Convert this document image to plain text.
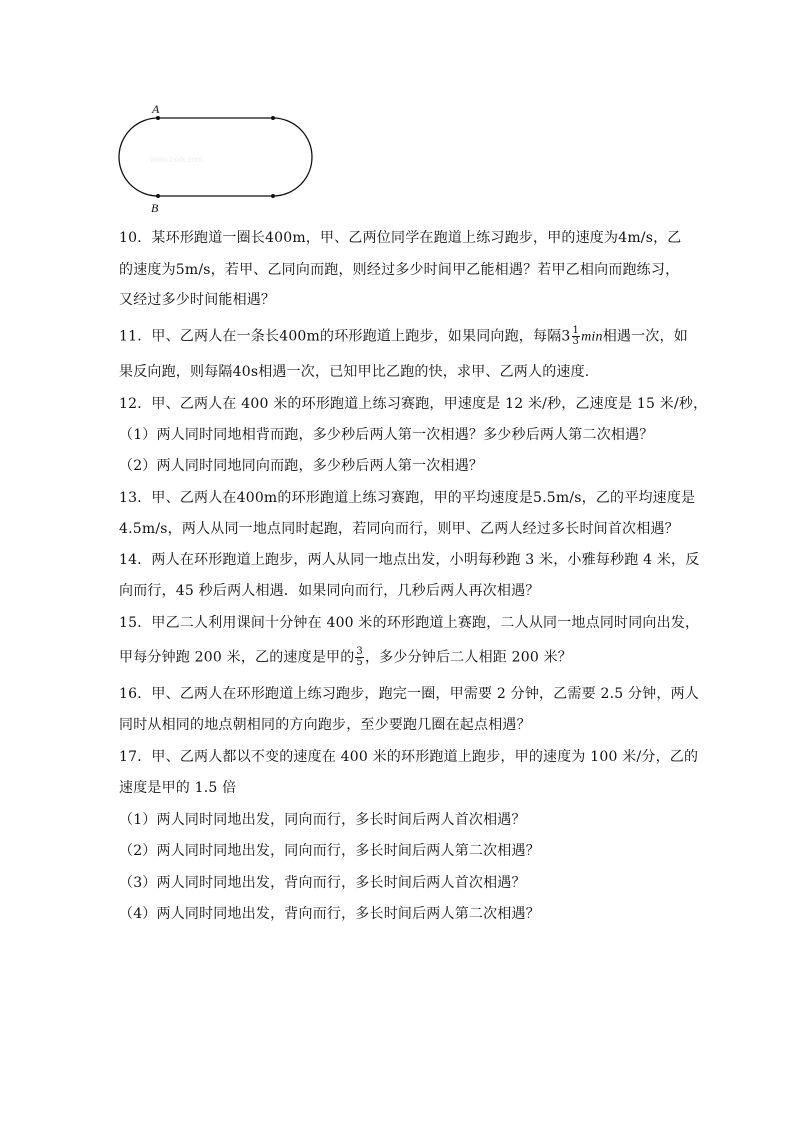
A
B
www.zxxk.com
10．某环形跑道一圈长400m，甲、乙两位同学在跑道上练习跑步，甲的速度为4m/s，乙
的速度为5m/s，若甲、乙同向而跑，则经过多少时间甲乙能相遇？若甲乙相向而跑练习，
又经过多少时间能相遇？
11．甲、乙两人在一条长400m的环形跑道上跑步，如果同向跑，每隔$3 \frac{1}{3}$ min相遇一次，如
果反向跑，则每隔40s相遇一次，已知甲比乙跑的快，求甲、乙两人的速度.
12．甲、乙两人在 400 米的环形跑道上练习赛跑，甲速度是 12 米/秒，乙速度是 15 米/秒，
（1）两人同时同地相背而跑，多少秒后两人第一次相遇？多少秒后两人第二次相遇？
（2）两人同时同地同向而跑，多少秒后两人第一次相遇？
13．甲、乙两人在400m的环形跑道上练习赛跑，甲的平均速度是5.5m/s，乙的平均速度是
4.5m/s，两人从同一地点同时起跑，若同向而行，则甲、乙两人经过多长时间首次相遇？
14．两人在环形跑道上跑步，两人从同一地点出发，小明每秒跑 3 米，小雅每秒跑 4 米，反
向而行，45 秒后两人相遇．如果同向而行，几秒后两人再次相遇？
15．甲乙二人利用课间十分钟在 400 米的环形跑道上赛跑，二人从同一地点同时同向出发，
甲每分钟跑 200 米，乙的速度是甲的 $\frac{3}{5}$ ，多少分钟后二人相距 200 米？
16．甲、乙两人在环形跑道上练习跑步，跑完一圈，甲需要 2 分钟，乙需要 2.5 分钟，两人
同时从相同的地点朝相同的方向跑步，至少要跑几圈在起点相遇？
17．甲、乙两人都以不变的速度在 400 米的环形跑道上跑步，甲的速度为 100 米/分，乙的
速度是甲的 1.5 倍
（1）两人同时同地出发，同向而行，多长时间后两人首次相遇？
（2）两人同时同地出发，同向而行，多长时间后两人第二次相遇？
（3）两人同时同地出发，背向而行，多长时间后两人首次相遇？
（4）两人同时同地出发，背向而行，多长时间后两人第二次相遇？
